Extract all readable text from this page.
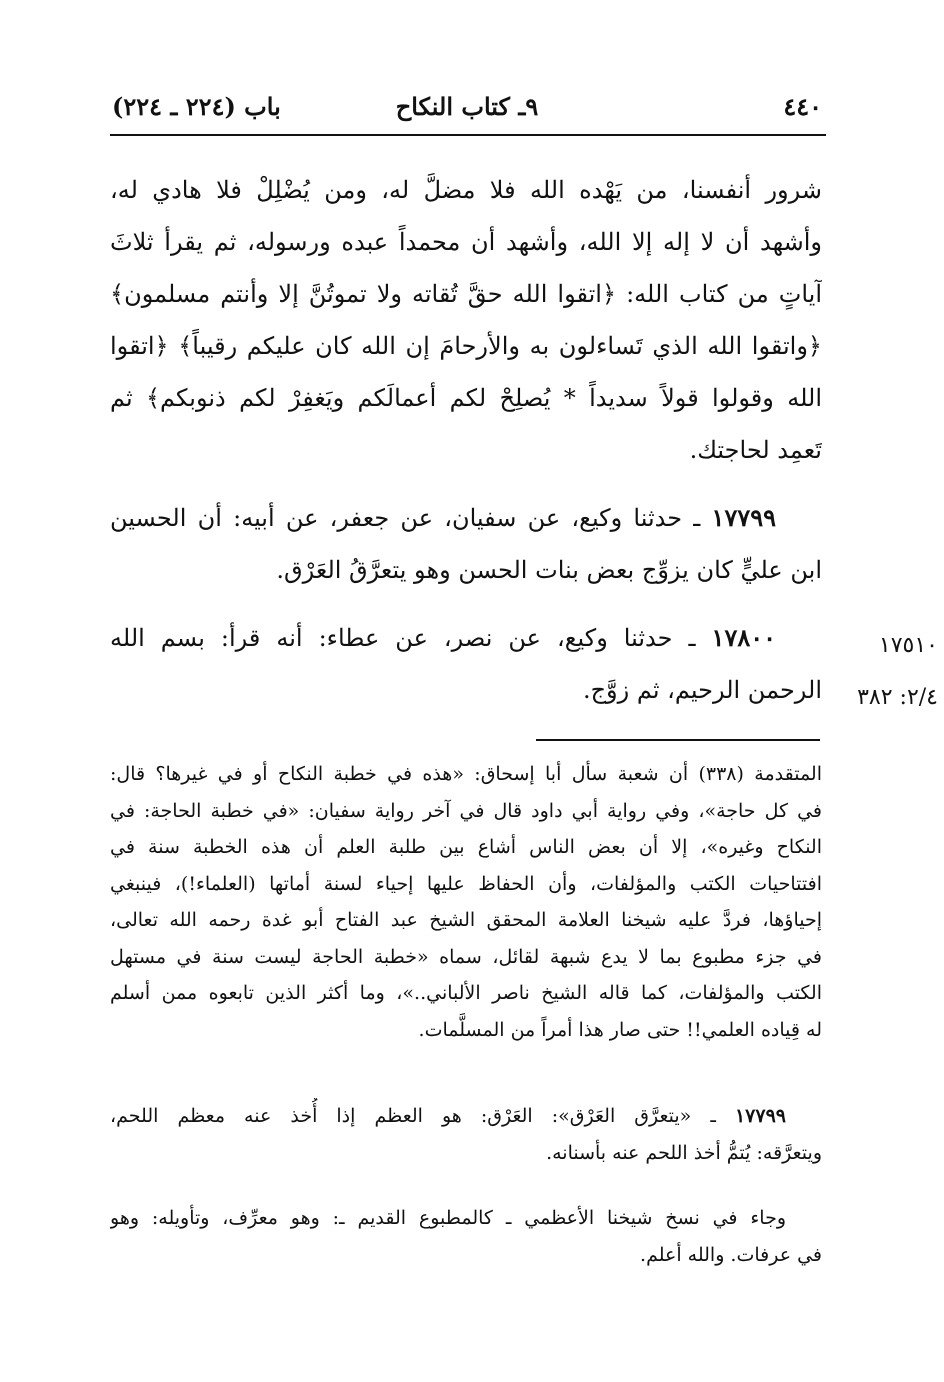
٤٤٠
٩ـ كتاب النكاح
باب (٢٢٤ ـ ٢٢٤)
شرور أنفسنا، من يَهْده الله فلا مضلَّ له، ومن يُضْلِلْ فلا هادي له،
وأشهد أن لا إله إلا الله، وأشهد أن محمداً عبده ورسوله، ثم يقرأ ثلاثَ
آياتٍ من كتاب الله: ﴿اتقوا الله حقَّ تُقاته ولا تموتُنَّ إلا وأنتم مسلمون﴾
﴿واتقوا الله الذي تَساءلون به والأرحامَ إن الله كان عليكم رقيباً﴾ ﴿اتقوا
الله وقولوا قولاً سديداً * يُصلِحْ لكم أعمالَكم ويَغفِرْ لكم ذنوبكم﴾ ثم
تَعمِد لحاجتك.
١٧٧٩٩ ـ حدثنا وكيع، عن سفيان، عن جعفر، عن أبيه: أن الحسين
ابن عليٍّ كان يزوِّج بعض بنات الحسن وهو يتعرَّقُ العَرْق.
١٧٥١٠
٢/٤: ٣٨٢
١٧٨٠٠ ـ حدثنا وكيع، عن نصر، عن عطاء: أنه قرأ: بسم الله
الرحمن الرحيم، ثم زوَّج.
المتقدمة (٣٣٨) أن شعبة سأل أبا إسحاق: «هذه في خطبة النكاح أو في غيرها؟ قال:
في كل حاجة»، وفي رواية أبي داود قال في آخر رواية سفيان: «في خطبة الحاجة: في
النكاح وغيره»، إلا أن بعض الناس أشاع بين طلبة العلم أن هذه الخطبة سنة في
افتتاحيات الكتب والمؤلفات، وأن الحفاظ عليها إحياء لسنة أماتها (العلماء!)، فينبغي
إحياؤها، فردَّ عليه شيخنا العلامة المحقق الشيخ عبد الفتاح أبو غدة رحمه الله تعالى،
في جزء مطبوع بما لا يدع شبهة لقائل، سماه «خطبة الحاجة ليست سنة في مستهل
الكتب والمؤلفات، كما قاله الشيخ ناصر الألباني..»، وما أكثر الذين تابعوه ممن أسلم
له قِياده العلمي!! حتى صار هذا أمراً من المسلَّمات.
١٧٧٩٩ ـ «يتعرَّق العَرْق»: العَرْق: هو العظم إذا أُخذ عنه معظم اللحم،
ويتعرَّقه: يُتمُّ أخذ اللحم عنه بأسنانه.
وجاء في نسخ شيخنا الأعظمي ـ كالمطبوع القديم ـ: وهو معرِّف، وتأويله: وهو
في عرفات. والله أعلم.
